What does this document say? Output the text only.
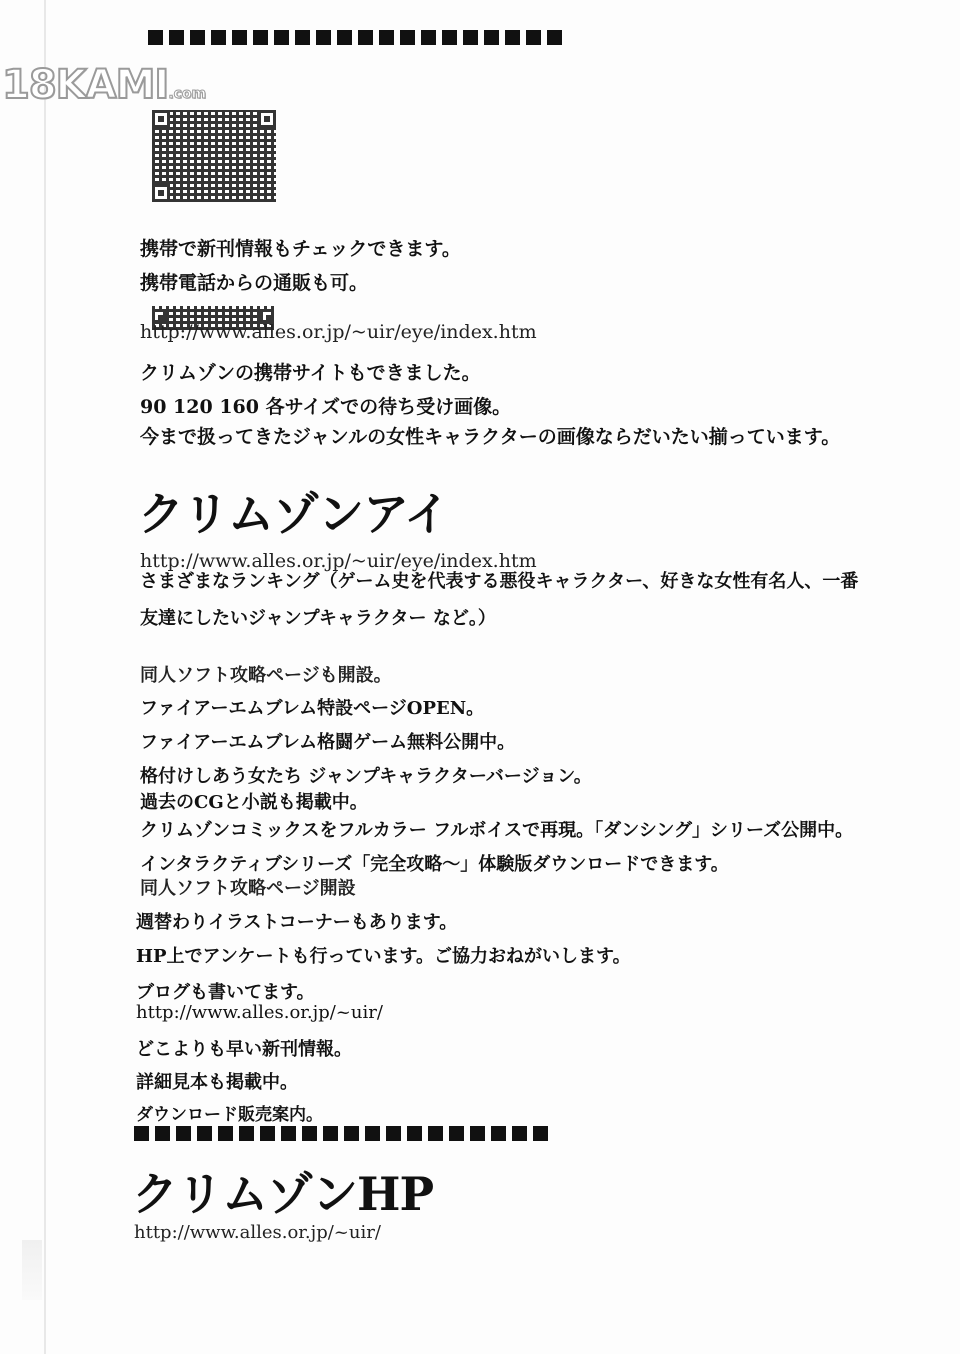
18KAMI.com
携帯で新刊情報もチェックできます。
携帯電話からの通販も可。
http://www.alles.or.jp/~uir/eye/index.htm
クリムゾンの携帯サイトもできました。
90 120 160 各サイズでの待ち受け画像。
今まで扱ってきたジャンルの女性キャラクターの画像ならだいたい揃っています。
クリムゾンアイ
http://www.alles.or.jp/~uir/eye/index.htm
さまざまなランキング（ゲーム史を代表する悪役キャラクター、好きな女性有名人、一番
友達にしたいジャンプキャラクター など。）
同人ソフト攻略ページも開設。
ファイアーエムブレム特設ページOPEN。
ファイアーエムブレム格闘ゲーム無料公開中。
格付けしあう女たち ジャンプキャラクターバージョン。
過去のCGと小説も掲載中。
クリムゾンコミックスをフルカラー フルボイスで再現。「ダンシング」シリーズ公開中。
インタラクティブシリーズ「完全攻略～」体験版ダウンロードできます。
同人ソフト攻略ページ開設
週替わりイラストコーナーもあります。
HP上でアンケートも行っています。ご協力おねがいします。
ブログも書いてます。
http://www.alles.or.jp/~uir/
どこよりも早い新刊情報。
詳細見本も掲載中。
ダウンロード販売案内。
クリムゾンHP
http://www.alles.or.jp/~uir/
